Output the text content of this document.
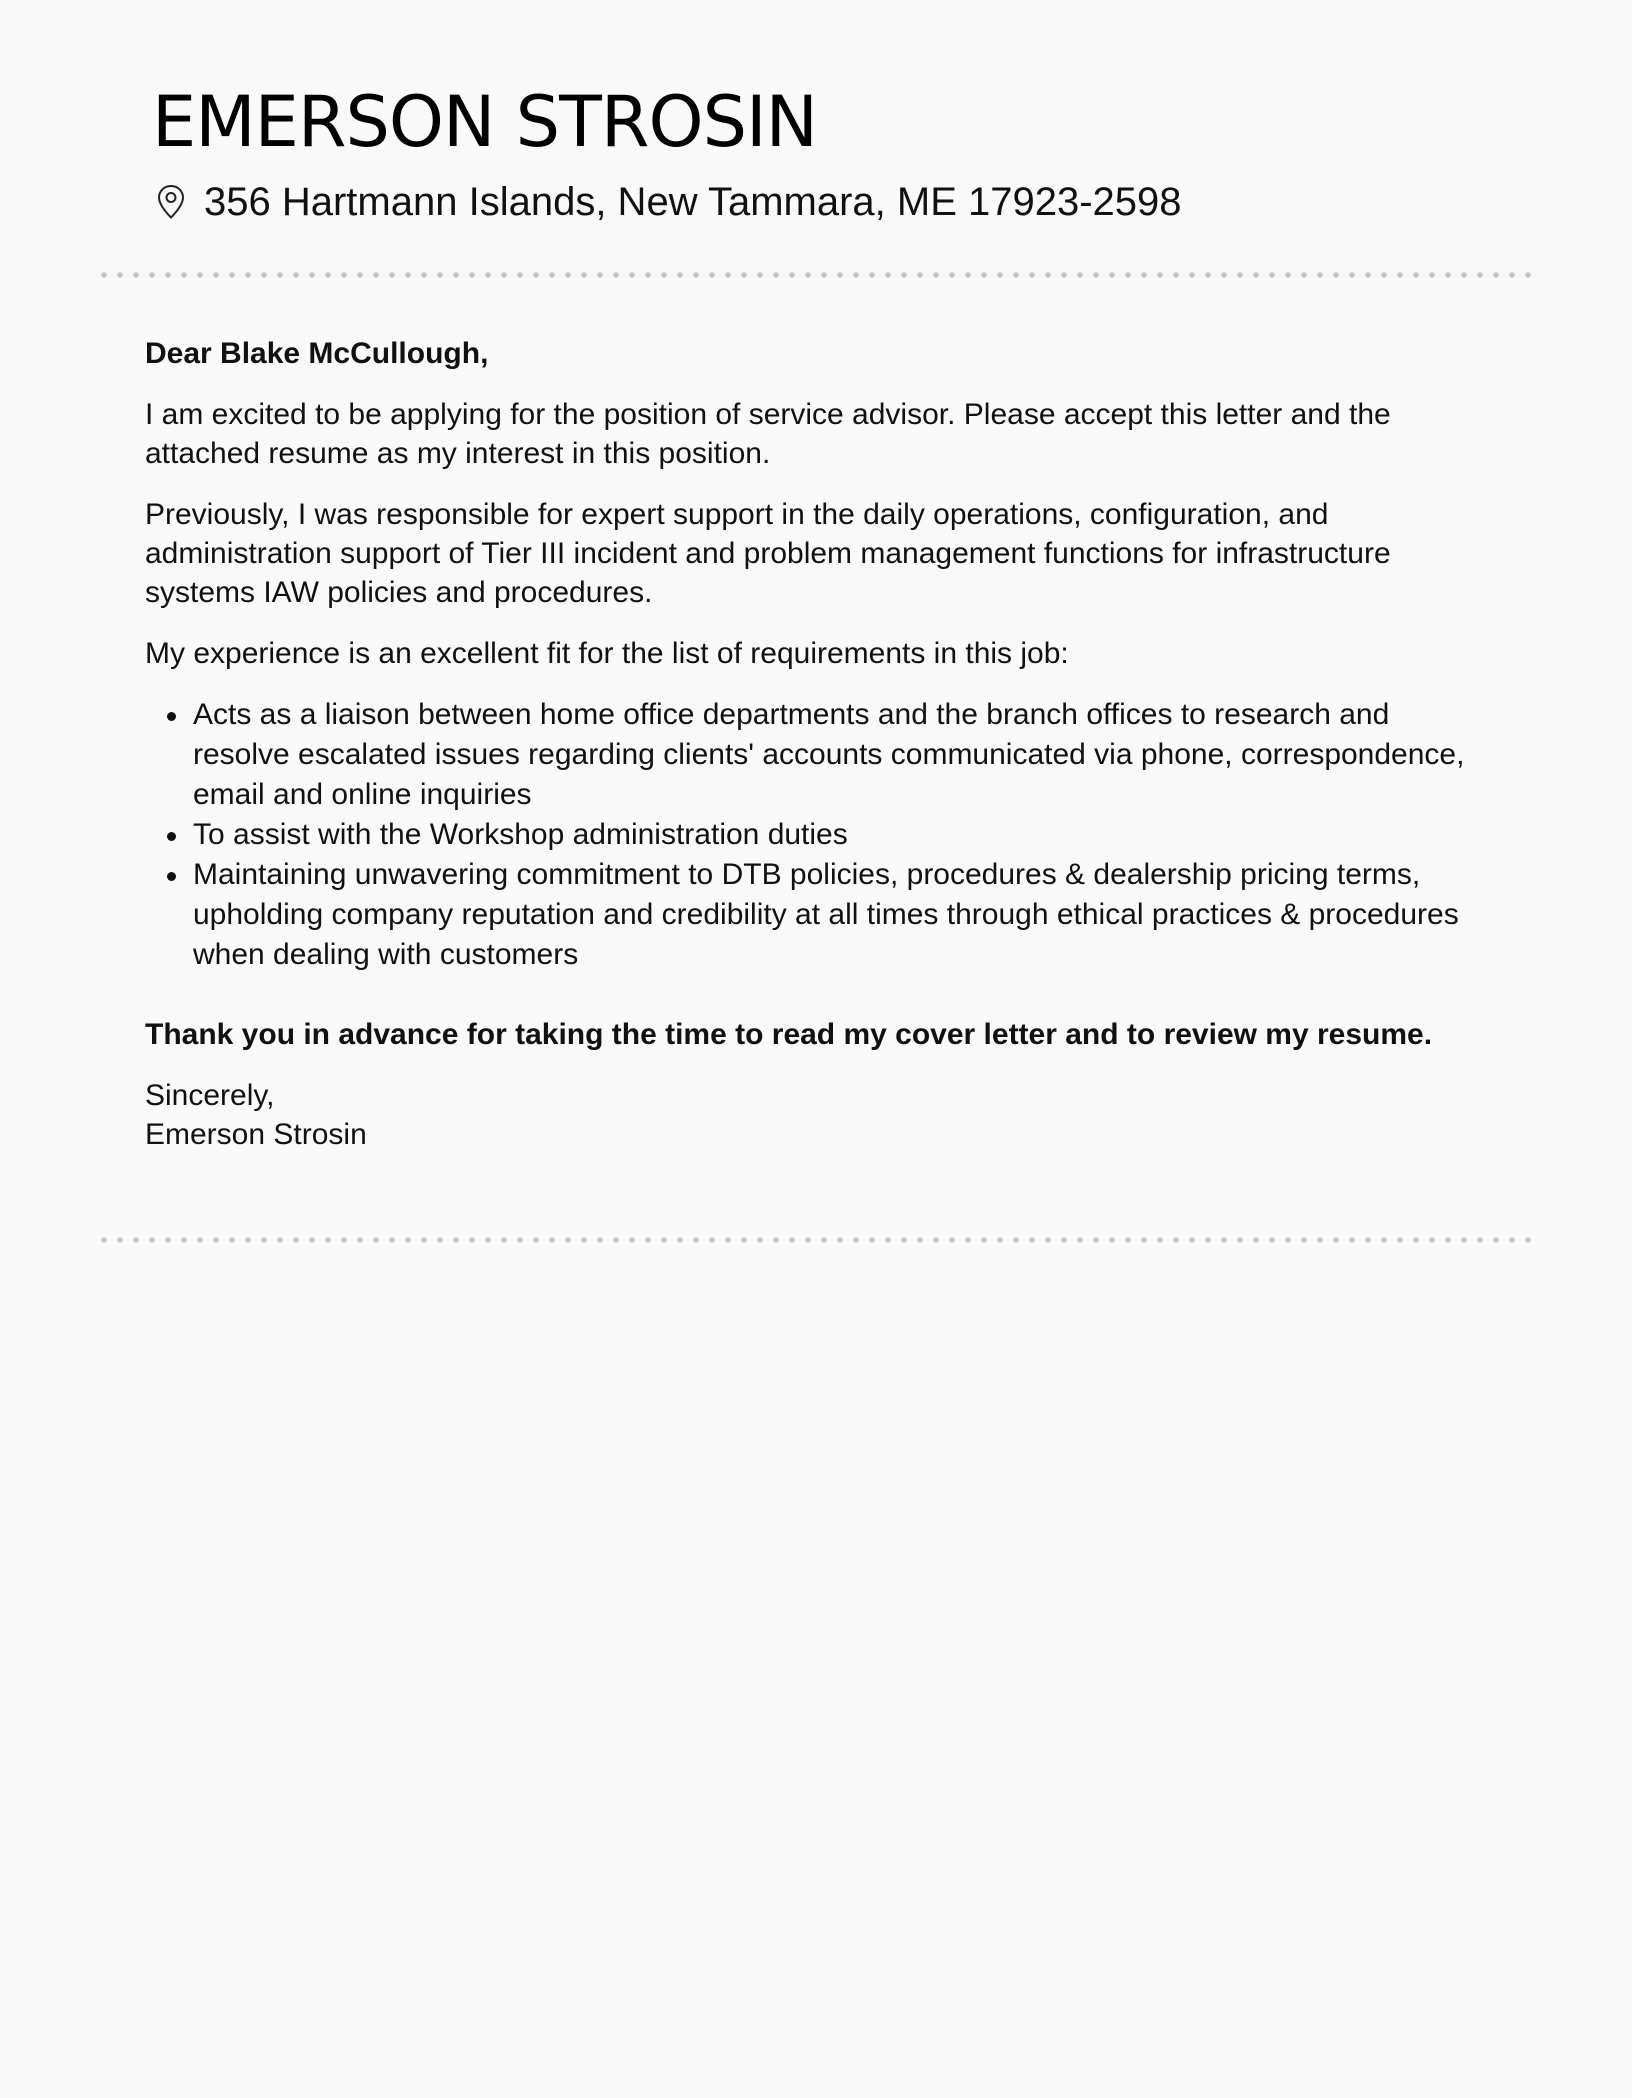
EMERSON STROSIN
356 Hartmann Islands, New Tammara, ME 17923-2598

Dear Blake McCullough,

I am excited to be applying for the position of service advisor. Please accept this letter and the attached resume as my interest in this position.

Previously, I was responsible for expert support in the daily operations, configuration, and administration support of Tier III incident and problem management functions for infrastructure systems IAW policies and procedures.

My experience is an excellent fit for the list of requirements in this job:

Acts as a liaison between home office departments and the branch offices to research and resolve escalated issues regarding clients' accounts communicated via phone, correspondence, email and online inquiries
To assist with the Workshop administration duties
Maintaining unwavering commitment to DTB policies, procedures & dealership pricing terms, upholding company reputation and credibility at all times through ethical practices & procedures when dealing with customers

Thank you in advance for taking the time to read my cover letter and to review my resume.

Sincerely,

Emerson Strosin
